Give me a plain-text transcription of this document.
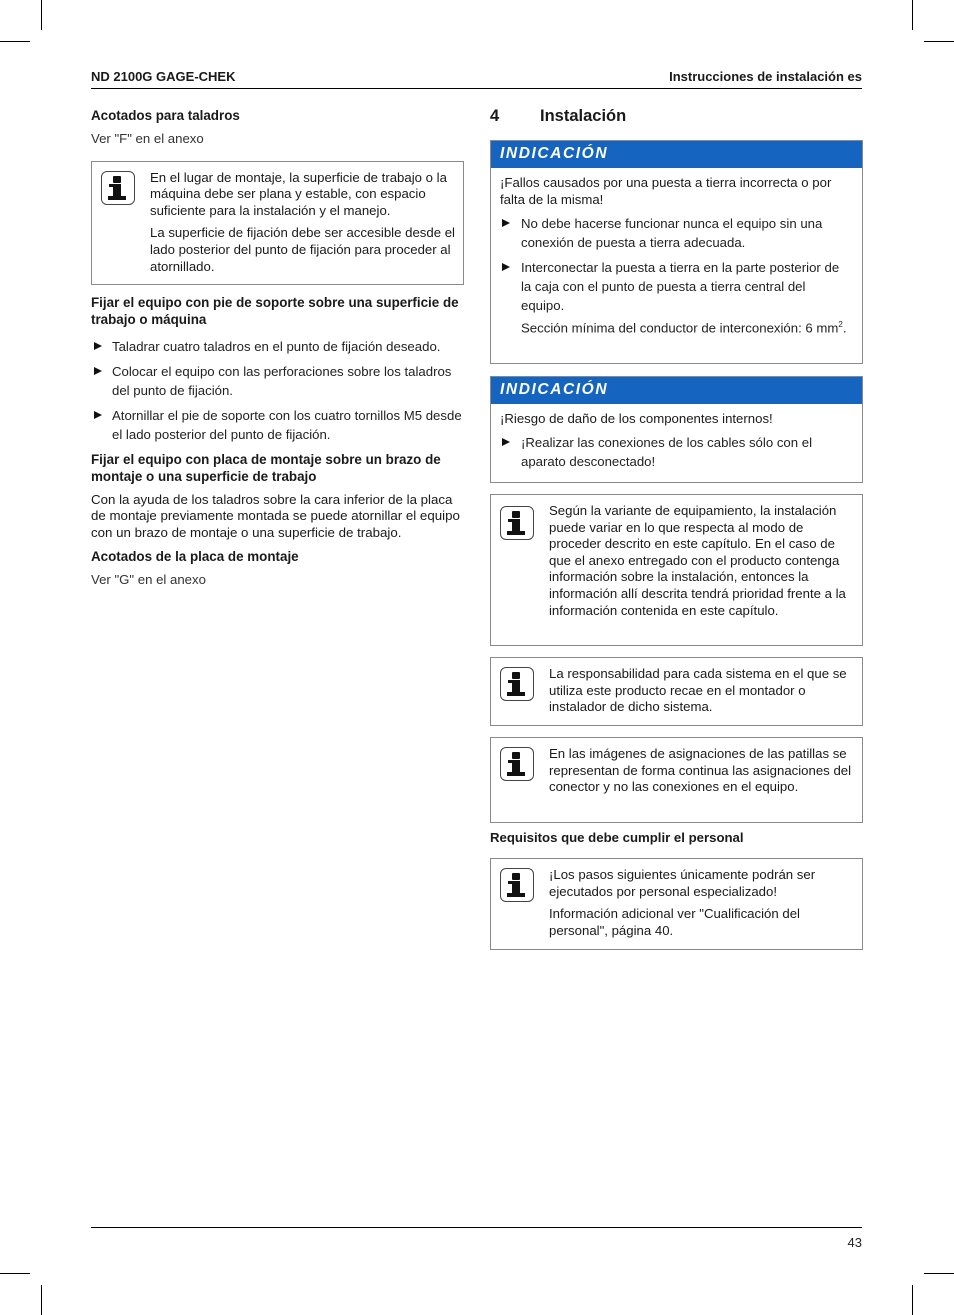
ND 2100G GAGE-CHEK	Instrucciones de instalación es

Acotados para taladros

Ver "F" en el anexo

En el lugar de montaje, la superficie de trabajo o la máquina debe ser plana y estable, con espacio suficiente para la instalación y el manejo.

La superficie de fijación debe ser accesible desde el lado posterior del punto de fijación para proceder al atornillado.

Fijar el equipo con pie de soporte sobre una superficie de trabajo o máquina

Taladrar cuatro taladros en el punto de fijación deseado.
Colocar el equipo con las perforaciones sobre los taladros del punto de fijación.
Atornillar el pie de soporte con los cuatro tornillos M5 desde el lado posterior del punto de fijación.

Fijar el equipo con placa de montaje sobre un brazo de montaje o una superficie de trabajo

Con la ayuda de los taladros sobre la cara inferior de la placa de montaje previamente montada se puede atornillar el equipo con un brazo de montaje o una superficie de trabajo.

Acotados de la placa de montaje

Ver "G" en el anexo

4 Instalación
INDICACIÓN

¡Fallos causados por una puesta a tierra incorrecta o por falta de la misma!

No debe hacerse funcionar nunca el equipo sin una conexión de puesta a tierra adecuada.
Interconectar la puesta a tierra en la parte posterior de la caja con el punto de puesta a tierra central del equipo.
Sección mínima del conductor de interconexión: 6 $mm^2$.
INDICACIÓN

¡Riesgo de daño de los componentes internos!

¡Realizar las conexiones de los cables sólo con el aparato desconectado!

Según la variante de equipamiento, la instalación puede variar en lo que respecta al modo de proceder descrito en este capítulo. En el caso de que el anexo entregado con el producto contenga información sobre la instalación, entonces la información allí descrita tendrá prioridad frente a la información contenida en este capítulo.

La responsabilidad para cada sistema en el que se utiliza este producto recae en el montador o instalador de dicho sistema.

En las imágenes de asignaciones de las patillas se representan de forma continua las asignaciones del conector y no las conexiones en el equipo.

Requisitos que debe cumplir el personal

¡Los pasos siguientes únicamente podrán ser ejecutados por personal especializado!

Información adicional ver "Cualificación del personal", página 40.

43
